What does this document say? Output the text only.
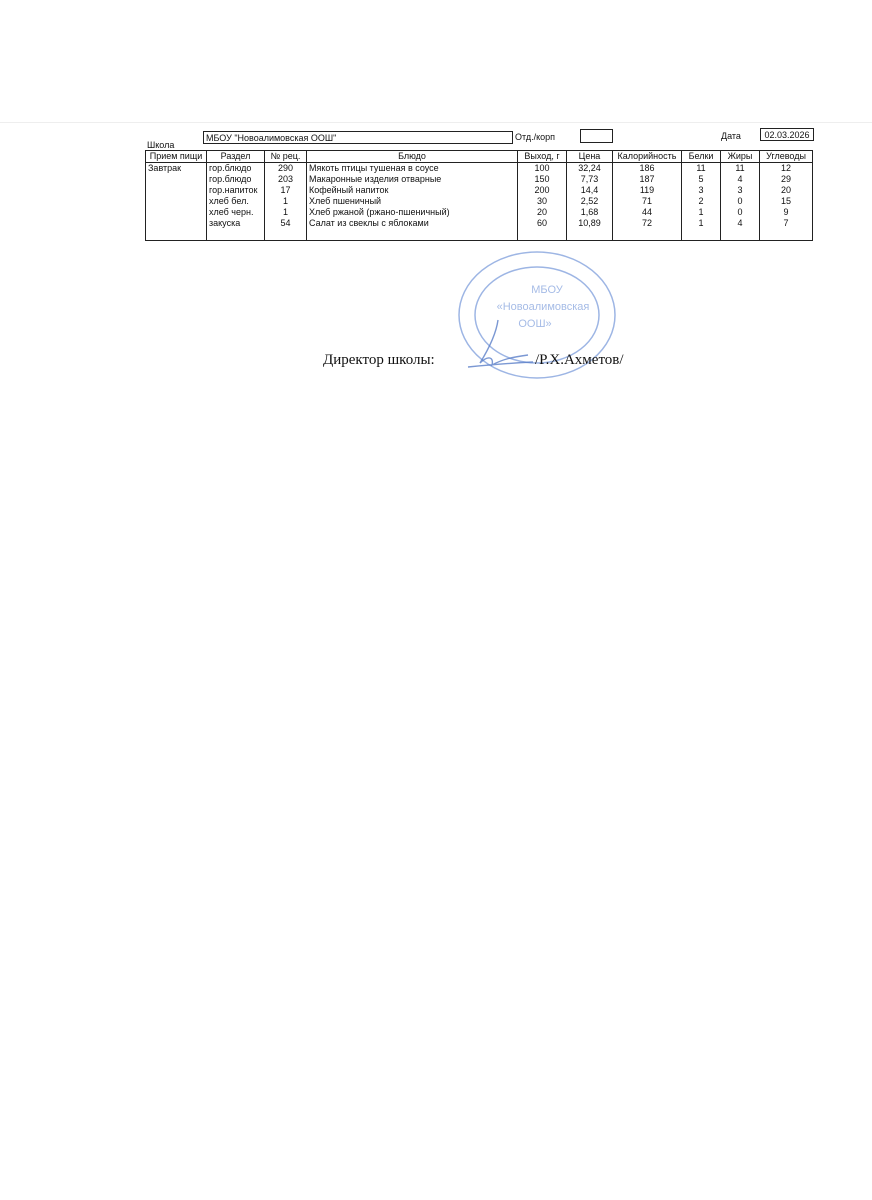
Школа
МБОУ "Новоалимовская ООШ"	Отд./корп	Дата	02.03.2026
Прием пищи	Раздел	№ рец.	Блюдо	Выход, г	Цена	Калорийность	Белки	Жиры	Углеводы
Завтрак	гор.блюдо	290	Мякоть птицы тушеная в соусе	100	32,24	186	11	11	12
	гор.блюдо	203	Макаронные изделия отварные	150	7,73	187	5	4	29
	гор.напиток	17	Кофейный напиток	200	14,4	119	3	3	20
	хлеб бел.	1	Хлеб пшеничный	30	2,52	71	2	0	15
	хлеб черн.	1	Хлеб ржаной (ржано-пшеничный)	20	1,68	44	1	0	9
	закуска	54	Салат из свеклы с яблоками	60	10,89	72	1	4	7

МБОУ
«Новоалимовская
ООШ»
Директор школы:	/Р.Х.Ахметов/
